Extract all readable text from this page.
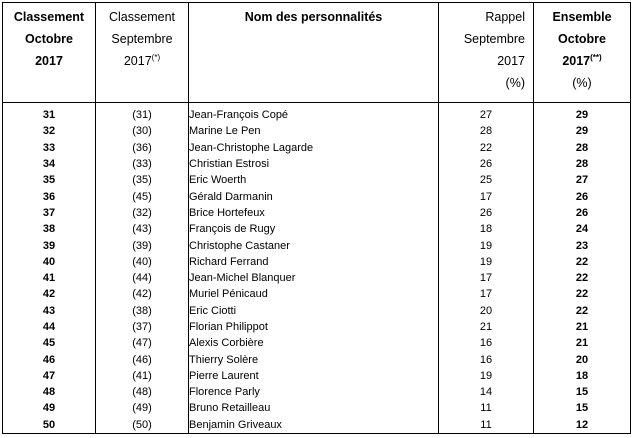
Classement
Octobre
2017	Classement
Septembre
2017(*)	Nom des personnalités	Rappel
Septembre
2017
(%)	Ensemble
Octobre
2017(**)
(%)

31	(31)	Jean-François Copé	27	29
32	(30)	Marine Le Pen	28	29
33	(36)	Jean-Christophe Lagarde	22	28
34	(33)	Christian Estrosi	26	28
35	(35)	Eric Woerth	25	27
36	(45)	Gérald Darmanin	17	26
37	(32)	Brice Hortefeux	26	26
38	(43)	François de Rugy	18	24
39	(39)	Christophe Castaner	19	23
40	(40)	Richard Ferrand	19	22
41	(44)	Jean-Michel Blanquer	17	22
42	(42)	Muriel Pénicaud	17	22
43	(38)	Eric Ciotti	20	22
44	(37)	Florian Philippot	21	21
45	(47)	Alexis Corbière	16	21
46	(46)	Thierry Solère	16	20
47	(41)	Pierre Laurent	19	18
48	(48)	Florence Parly	14	15
49	(49)	Bruno Retailleau	11	15
50	(50)	Benjamin Griveaux	11	12
